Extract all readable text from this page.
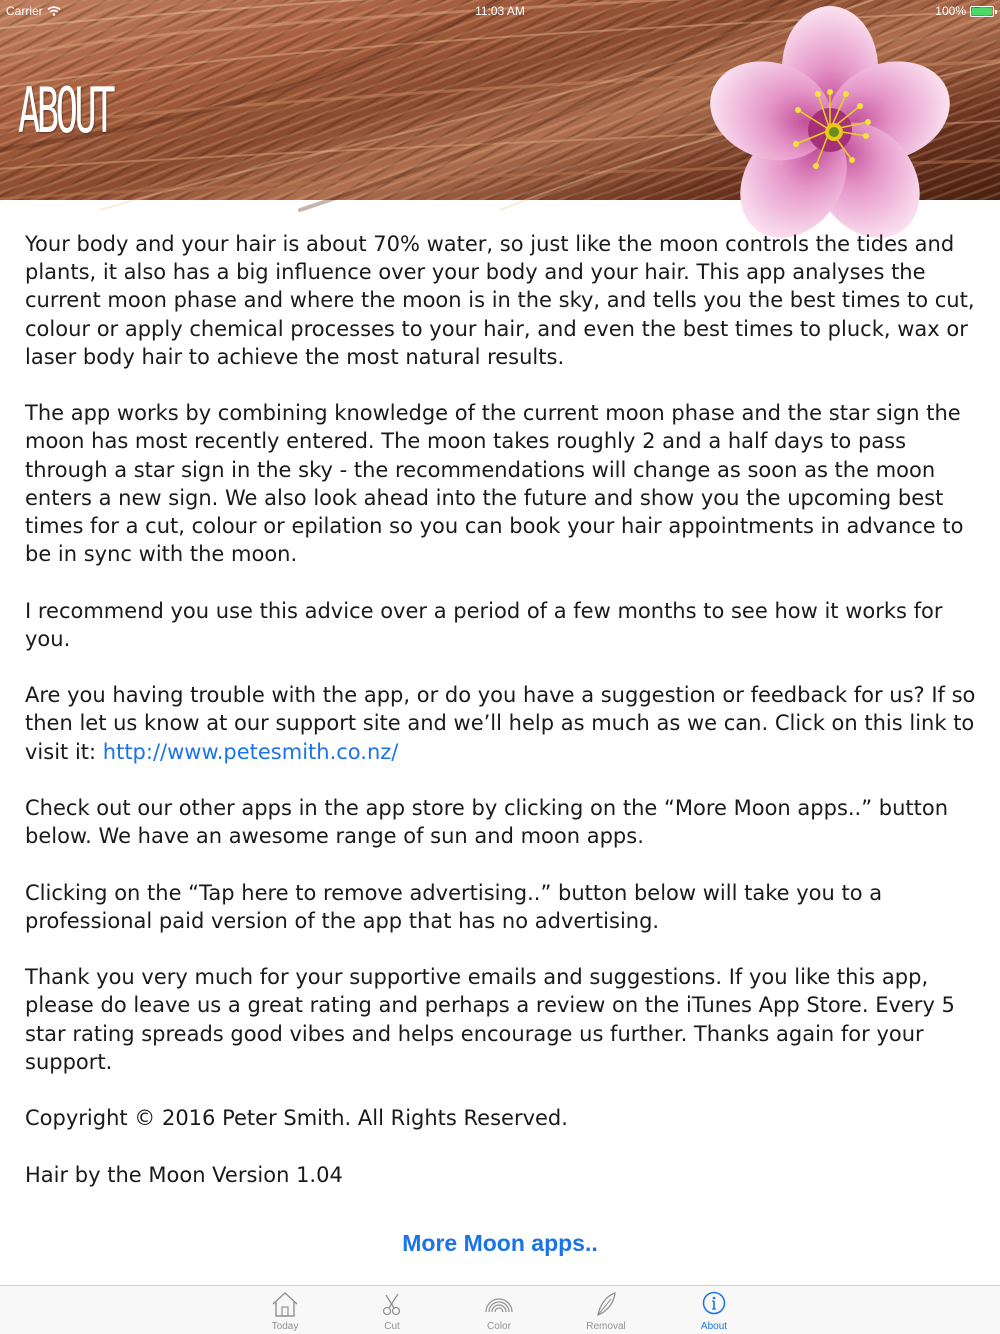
Carrier	11:03 AM	100%
ABOUT

Your body and your hair is about 70% water, so just like the moon controls the tides and plants, it also has a big influence over your body and your hair. This app analyses the current moon phase and where the moon is in the sky, and tells you the best times to cut, colour or apply chemical processes to your hair, and even the best times to pluck, wax or laser body hair to achieve the most natural results.

The app works by combining knowledge of the current moon phase and the star sign the moon has most recently entered. The moon takes roughly 2 and a half days to pass through a star sign in the sky - the recommendations will change as soon as the moon enters a new sign. We also look ahead into the future and show you the upcoming best times for a cut, colour or epilation so you can book your hair appointments in advance to be in sync with the moon.

I recommend you use this advice over a period of a few months to see how it works for you.

Are you having trouble with the app, or do you have a suggestion or feedback for us? If so then let us know at our support site and we’ll help as much as we can. Click on this link to visit it: http://www.petesmith.co.nz/

Check out our other apps in the app store by clicking on the “More Moon apps..” button below. We have an awesome range of sun and moon apps.

Clicking on the “Tap here to remove advertising..” button below will take you to a professional paid version of the app that has no advertising.

Thank you very much for your supportive emails and suggestions. If you like this app, please do leave us a great rating and perhaps a review on the iTunes App Store. Every 5 star rating spreads good vibes and helps encourage us further. Thanks again for your support.

Copyright © 2016 Peter Smith. All Rights Reserved.

Hair by the Moon Version 1.04

More Moon apps..
Today	Cut	Color	Removal	About
